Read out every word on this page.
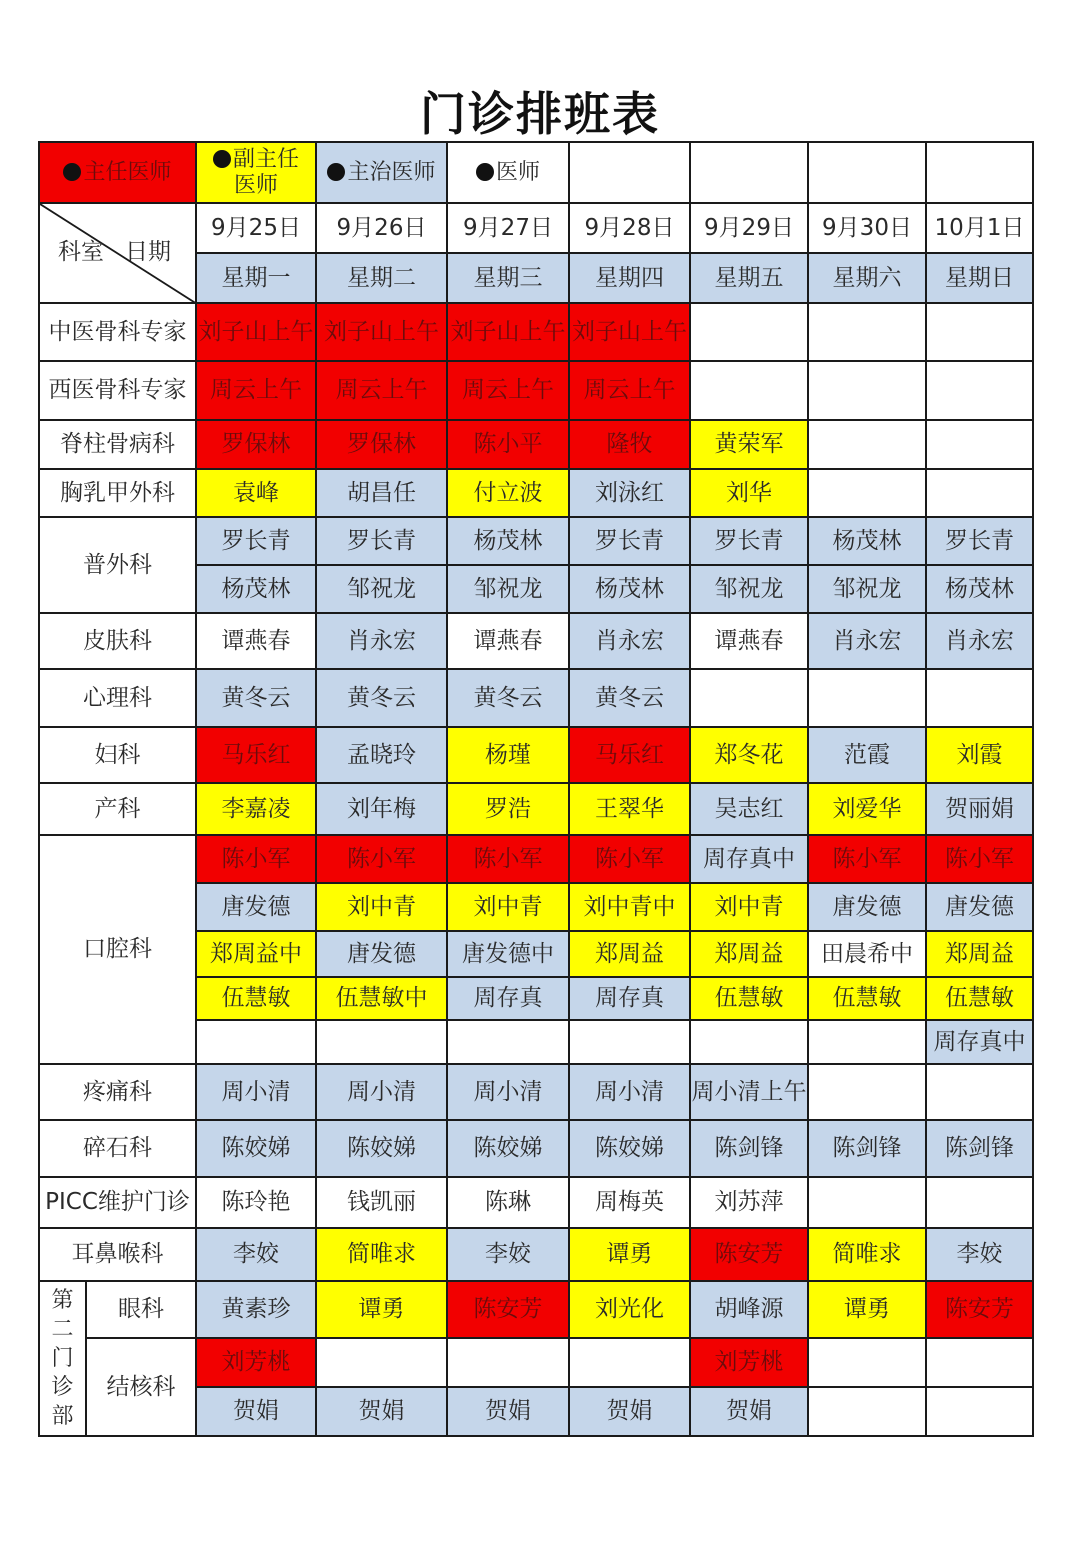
门诊排班表
主任医师		副主任
医师	主治医师	医师				

科室 日期		9月25日	9月26日	9月27日	9月28日	9月29日	9月30日	10月1日
		星期一	星期二	星期三	星期四	星期五	星期六	星期日
中医骨科专家		刘子山上午	刘子山上午	刘子山上午	刘子山上午			
西医骨科专家		周云上午	周云上午	周云上午	周云上午			
脊柱骨病科		罗保林	罗保林	陈小平	隆牧	黄荣军		
胸乳甲外科		袁峰	胡昌任	付立波	刘泳红	刘华		
普外科		罗长青	罗长青	杨茂林	罗长青	罗长青	杨茂林	罗长青
		杨茂林	邹祝龙	邹祝龙	杨茂林	邹祝龙	邹祝龙	杨茂林
皮肤科		谭燕春	肖永宏	谭燕春	肖永宏	谭燕春	肖永宏	肖永宏
心理科		黄冬云	黄冬云	黄冬云	黄冬云			
妇科		马乐红	孟晓玲	杨瑾	马乐红	郑冬花	范霞	刘霞
产科		李嘉凌	刘年梅	罗浩	王翠华	吴志红	刘爱华	贺丽娟
口腔科		陈小军	陈小军	陈小军	陈小军	周存真中	陈小军	陈小军
		唐发德	刘中青	刘中青	刘中青中	刘中青	唐发德	唐发德
		郑周益中	唐发德	唐发德中	郑周益	郑周益	田晨希中	郑周益
		伍慧敏	伍慧敏中	周存真	周存真	伍慧敏	伍慧敏	伍慧敏
								周存真中
疼痛科		周小清	周小清	周小清	周小清	周小清上午		
碎石科		陈姣娣	陈姣娣	陈姣娣	陈姣娣	陈剑锋	陈剑锋	陈剑锋
PICC维护门诊		陈玲艳	钱凯丽	陈琳	周梅英	刘苏萍		
耳鼻喉科		李姣	简唯求	李姣	谭勇	陈安芳	简唯求	李姣

第
二
门
诊
部	眼科	黄素珍	谭勇	陈安芳	刘光化	胡峰源	谭勇	陈安芳
	结核科	刘芳桃				刘芳桃		
		贺娟	贺娟	贺娟	贺娟	贺娟		
